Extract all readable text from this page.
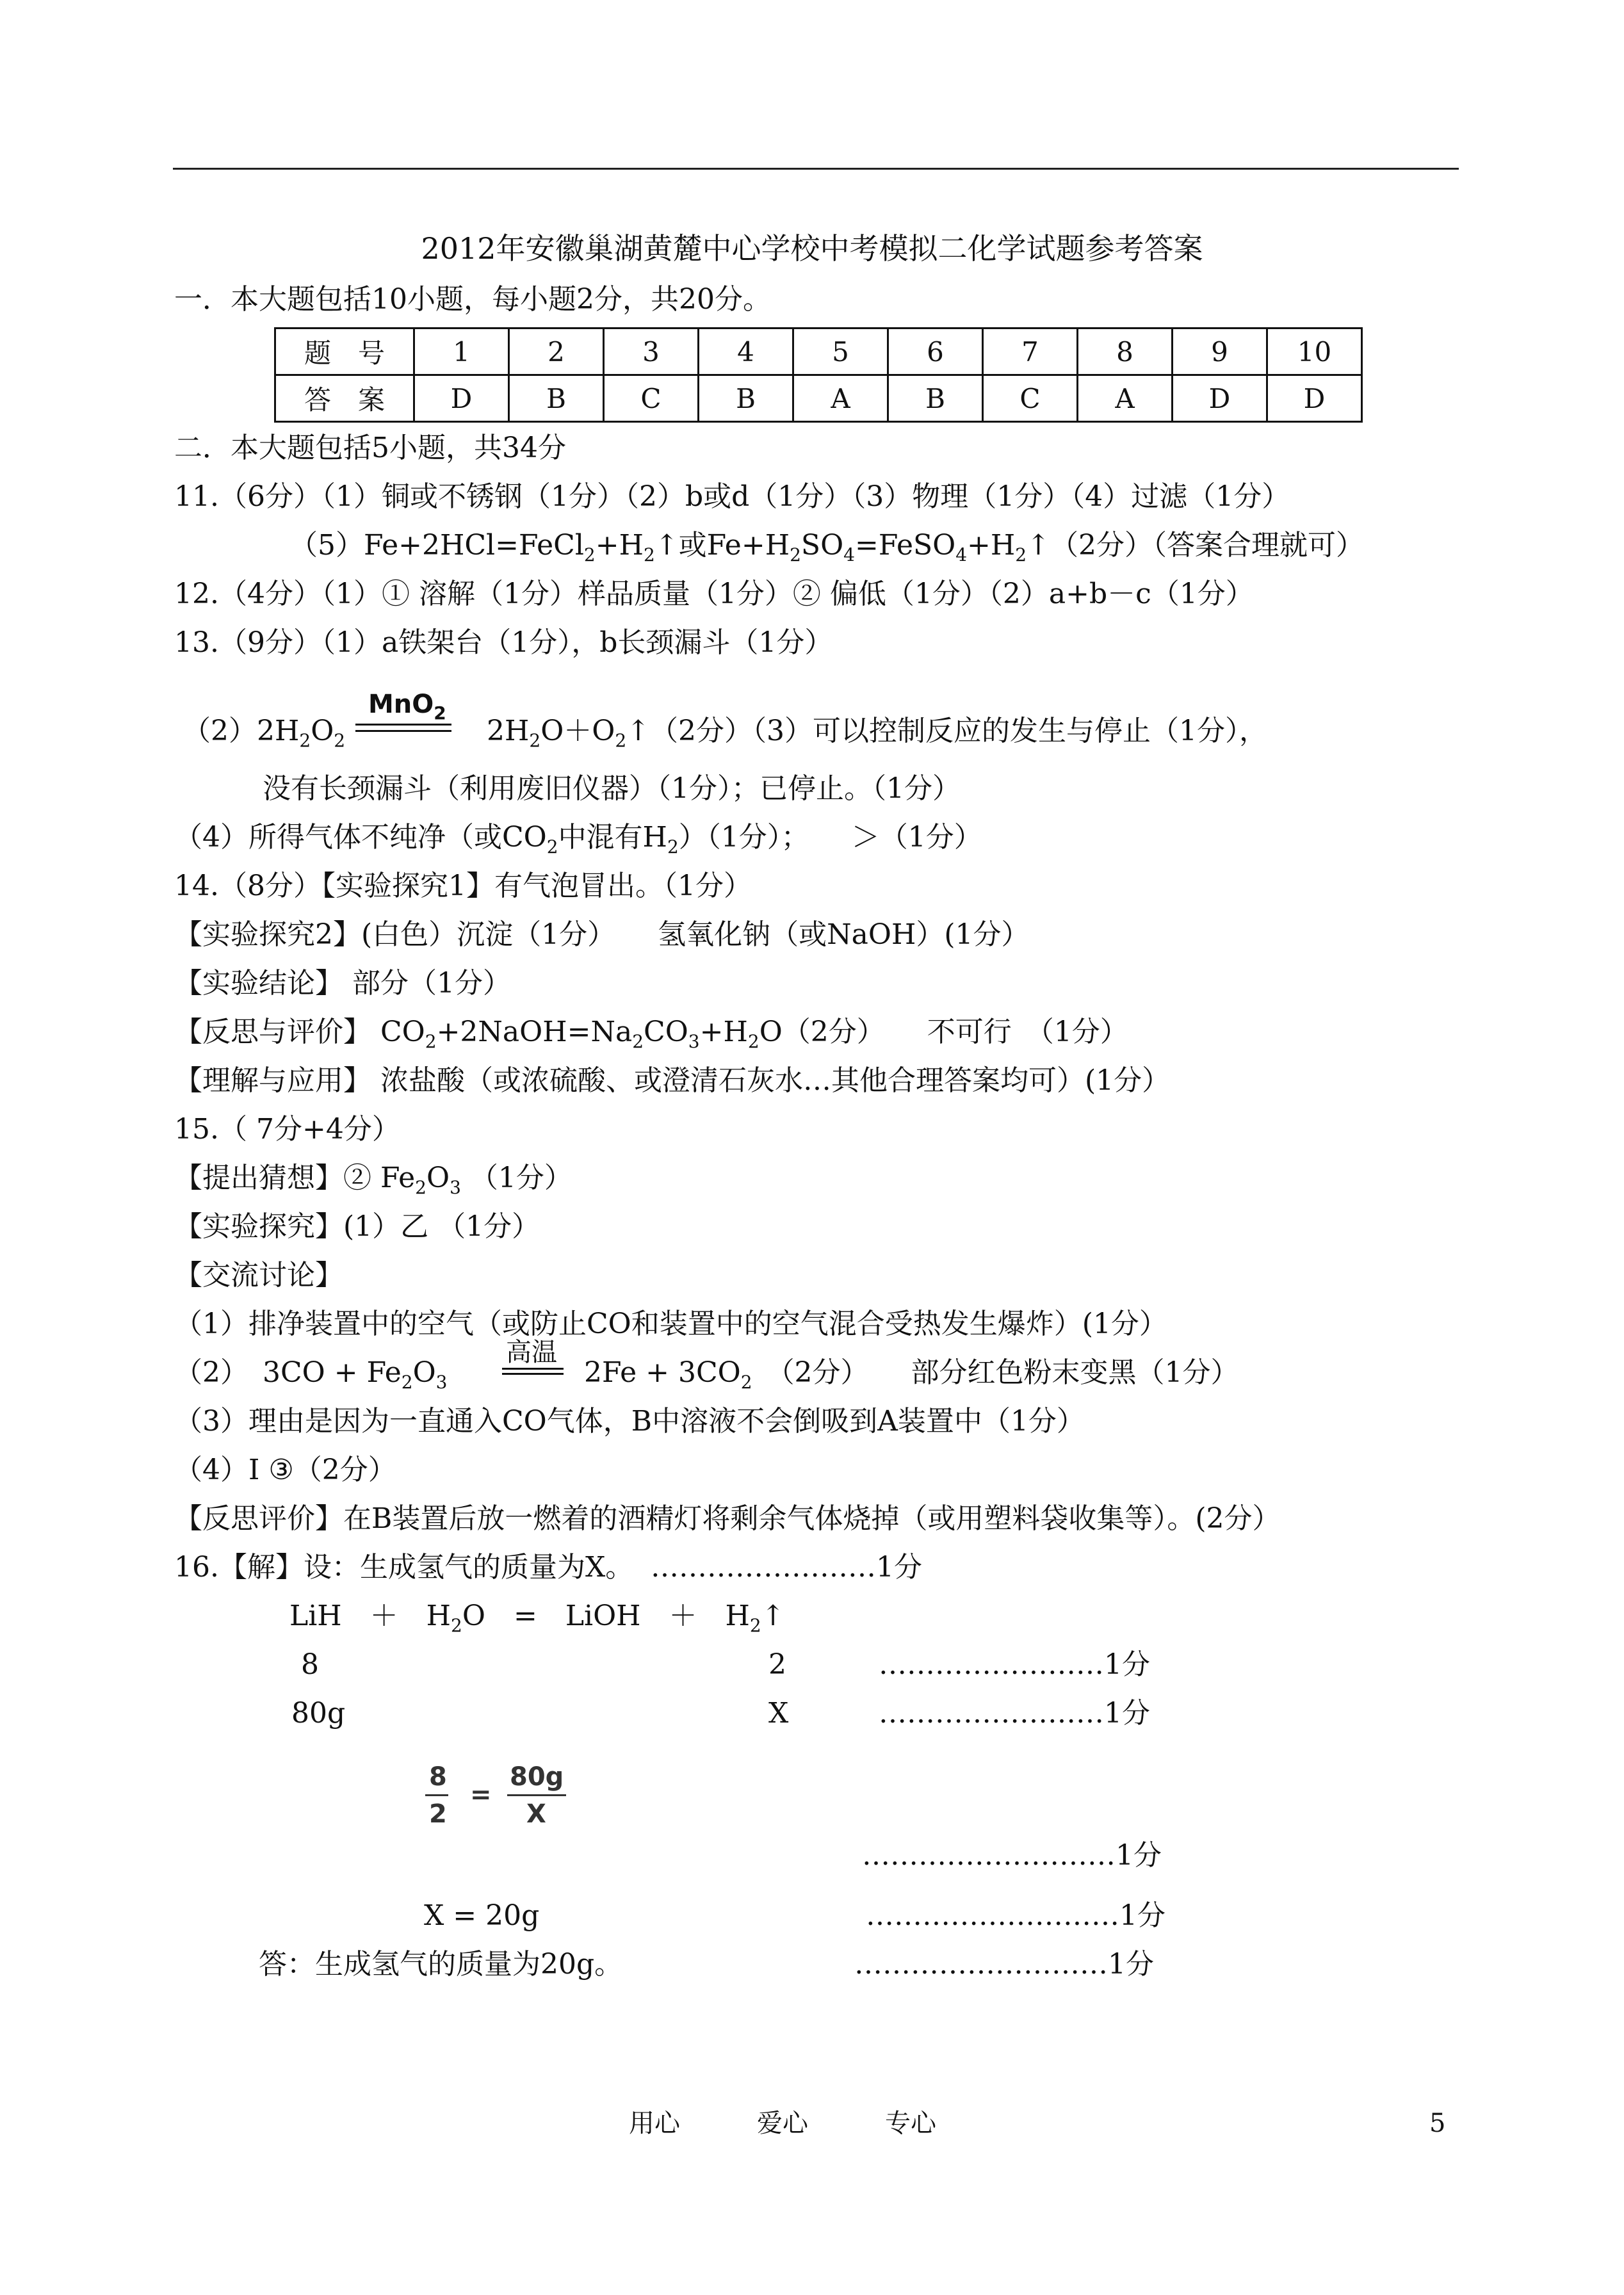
2012年安徽巢湖黄麓中心学校中考模拟二化学试题参考答案
一．本大题包括10小题，每小题2分，共20分。
题　号	1	2	3	4	5	6	7	8	9	10
答　案	D	B	C	B	A	B	C	A	D	D
二．本大题包括5小题，共34分
11.（6分）（1）铜或不锈钢（1分）（2）b或d（1分）（3）物理（1分）（4）过滤（1分）
$(5)Fe+2HCl=FeCl_2+H_2↑$或$Fe+H_2SO_4=FeSO_4+H_2↑(2$分）（答案合理就可）
12.（4分）（1）① 溶解（1分）样品质量（1分）② 偏低（1分）（2）a+b－c（1分）
13.（9分）（1）a铁架台（1分），b长颈漏斗（1分）
$(2)2H_2O_2$
MnO$_2$
$2H_2O+O_2↑(2$分）（3）可以控制反应的发生与停止（1分），
没有长颈漏斗（利用废旧仪器）（1分）；已停止。（1分）
（4）所得气体不纯净（或$CO_2$中混有$H_2)(1$分）；　　＞（1分）
14.（8分）【实验探究1】有气泡冒出。（1分）
【实验探究2】(白色）沉淀（1分）　　氢氧化钠（或NaOH）(1分）
【实验结论】 部分（1分）
【反思与评价】 $CO_2+2NaOH=Na_2CO_3+H_2O(2$分）　　不可行　（1分）
【理解与应用】 浓盐酸（或浓硫酸、或澄清石灰水…其他合理答案均可）(1分）
15.（ 7分+4分）
【提出猜想】② $Fe_2O_3$ （1分）
【实验探究】(1）乙 （1分）
【交流讨论】
（1）排净装置中的空气（或防止CO和装置中的空气混合受热发生爆炸）(1分）
（2）　$3CO + Fe_2O_3$
高温
$2Fe + 3CO_2$　 （2分）　　部分红色粉末变黑（1分）
（3）理由是因为一直通入CO气体，B中溶液不会倒吸到A装置中（1分）
（4）Ⅰ ③（2分）
【反思评价】在B装置后放一燃着的酒精灯将剩余气体烧掉（或用塑料袋收集等）。(2分）
16.【解】设：生成氢气的质量为X。 ……………………1分
LiH　＋　$H_2O$　=　LiOH　＋　$H_2↑$
8	2	……………………1分
80g	X	……………………1分
8
2
=
80g
X
………………………1分
X = 20g	………………………1分
答：生成氢气的质量为20g。	………………………1分
用心	爱心	专心	5
